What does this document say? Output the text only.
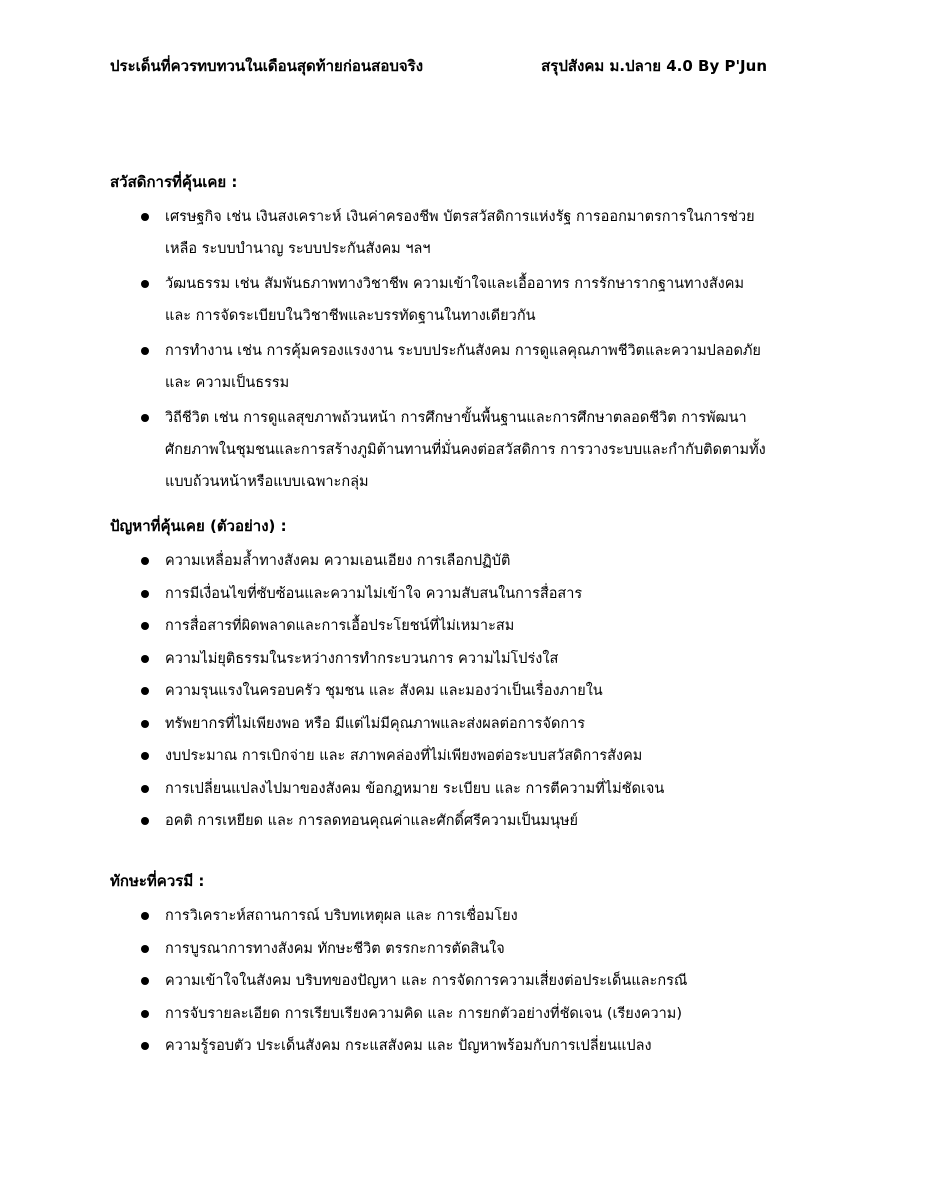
ประเด็นที่ควรทบทวนในเดือนสุดท้ายก่อนสอบจริง	สรุปสังคม ม.ปลาย 4.0 By P'Jun
สวัสดิการที่คุ้นเคย :
เศรษฐกิจ เช่น เงินสงเคราะห์ เงินค่าครองชีพ บัตรสวัสดิการแห่งรัฐ การออกมาตรการในการช่วยเหลือ ระบบบำนาญ ระบบประกันสังคม ฯลฯ
วัฒนธรรม เช่น สัมพันธภาพทางวิชาชีพ ความเข้าใจและเอื้ออาทร การรักษารากฐานทางสังคม และ การจัดระเบียบในวิชาชีพและบรรทัดฐานในทางเดียวกัน
การทำงาน เช่น การคุ้มครองแรงงาน ระบบประกันสังคม การดูแลคุณภาพชีวิตและความปลอดภัย และ ความเป็นธรรม
วิถีชีวิต เช่น การดูแลสุขภาพถ้วนหน้า การศึกษาขั้นพื้นฐานและการศึกษาตลอดชีวิต การพัฒนาศักยภาพในชุมชนและการสร้างภูมิต้านทานที่มั่นคงต่อสวัสดิการ การวางระบบและกำกับติดตามทั้งแบบถ้วนหน้าหรือแบบเฉพาะกลุ่ม
ปัญหาที่คุ้นเคย (ตัวอย่าง) :
ความเหลื่อมล้ำทางสังคม ความเอนเอียง การเลือกปฏิบัติ
การมีเงื่อนไขที่ซับซ้อนและความไม่เข้าใจ ความสับสนในการสื่อสาร
การสื่อสารที่ผิดพลาดและการเอื้อประโยชน์ที่ไม่เหมาะสม
ความไม่ยุติธรรมในระหว่างการทำกระบวนการ ความไม่โปร่งใส
ความรุนแรงในครอบครัว ชุมชน และ สังคม และมองว่าเป็นเรื่องภายใน
ทรัพยากรที่ไม่เพียงพอ หรือ มีแต่ไม่มีคุณภาพและส่งผลต่อการจัดการ
งบประมาณ การเบิกจ่าย และ สภาพคล่องที่ไม่เพียงพอต่อระบบสวัสดิการสังคม
การเปลี่ยนแปลงไปมาของสังคม ข้อกฎหมาย ระเบียบ และ การตีความที่ไม่ชัดเจน
อคติ การเหยียด และ การลดทอนคุณค่าและศักดิ์ศรีความเป็นมนุษย์
ทักษะที่ควรมี :
การวิเคราะห์สถานการณ์ บริบทเหตุผล และ การเชื่อมโยง
การบูรณาการทางสังคม ทักษะชีวิต ตรรกะการตัดสินใจ
ความเข้าใจในสังคม บริบทของปัญหา และ การจัดการความเสี่ยงต่อประเด็นและกรณี
การจับรายละเอียด การเรียบเรียงความคิด และ การยกตัวอย่างที่ชัดเจน (เรียงความ)
ความรู้รอบตัว ประเด็นสังคม กระแสสังคม และ ปัญหาพร้อมกับการเปลี่ยนแปลง
